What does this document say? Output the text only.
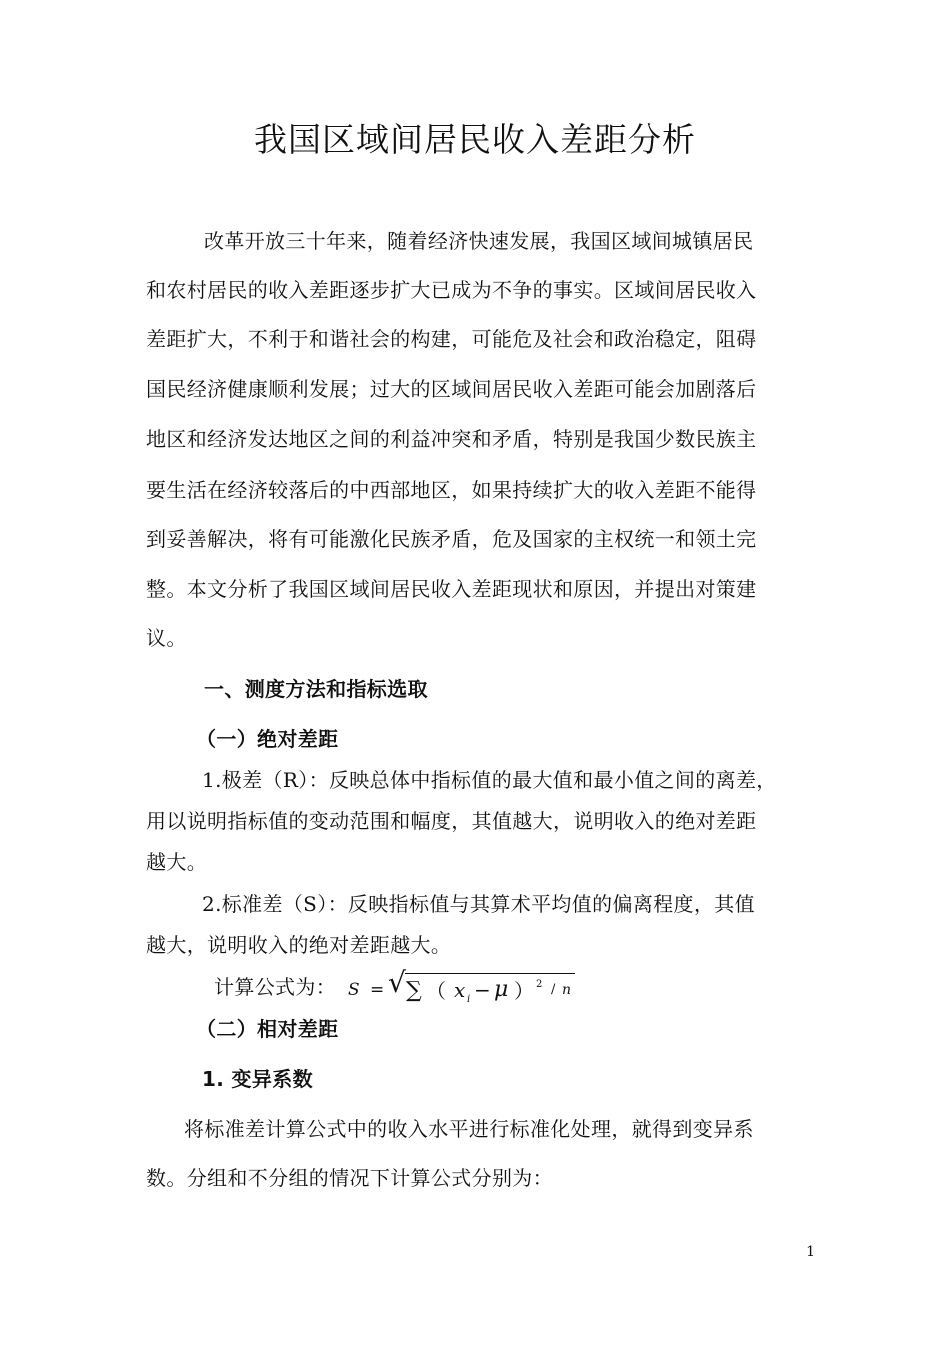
我国区域间居民收入差距分析
改革开放三十年来，随着经济快速发展，我国区域间城镇居民
和农村居民的收入差距逐步扩大已成为不争的事实。区域间居民收入
差距扩大，不利于和谐社会的构建，可能危及社会和政治稳定，阻碍
国民经济健康顺利发展；过大的区域间居民收入差距可能会加剧落后
地区和经济发达地区之间的利益冲突和矛盾，特别是我国少数民族主
要生活在经济较落后的中西部地区，如果持续扩大的收入差距不能得
到妥善解决，将有可能激化民族矛盾，危及国家的主权统一和领土完
整。本文分析了我国区域间居民收入差距现状和原因，并提出对策建
议。
一、测度方法和指标选取
（一）绝对差距
1.极差（R）：反映总体中指标值的最大值和最小值之间的离差，
用以说明指标值的变动范围和幅度，其值越大，说明收入的绝对差距
越大。
2.标准差（S）：反映指标值与其算术平均值的偏离程度，其值
越大，说明收入的绝对差距越大。
计算公式为： S = √ ∑ （ x i − μ ） 2 / n
（二）相对差距
1. 变异系数
将标准差计算公式中的收入水平进行标准化处理，就得到变异系
数。分组和不分组的情况下计算公式分别为：
1
